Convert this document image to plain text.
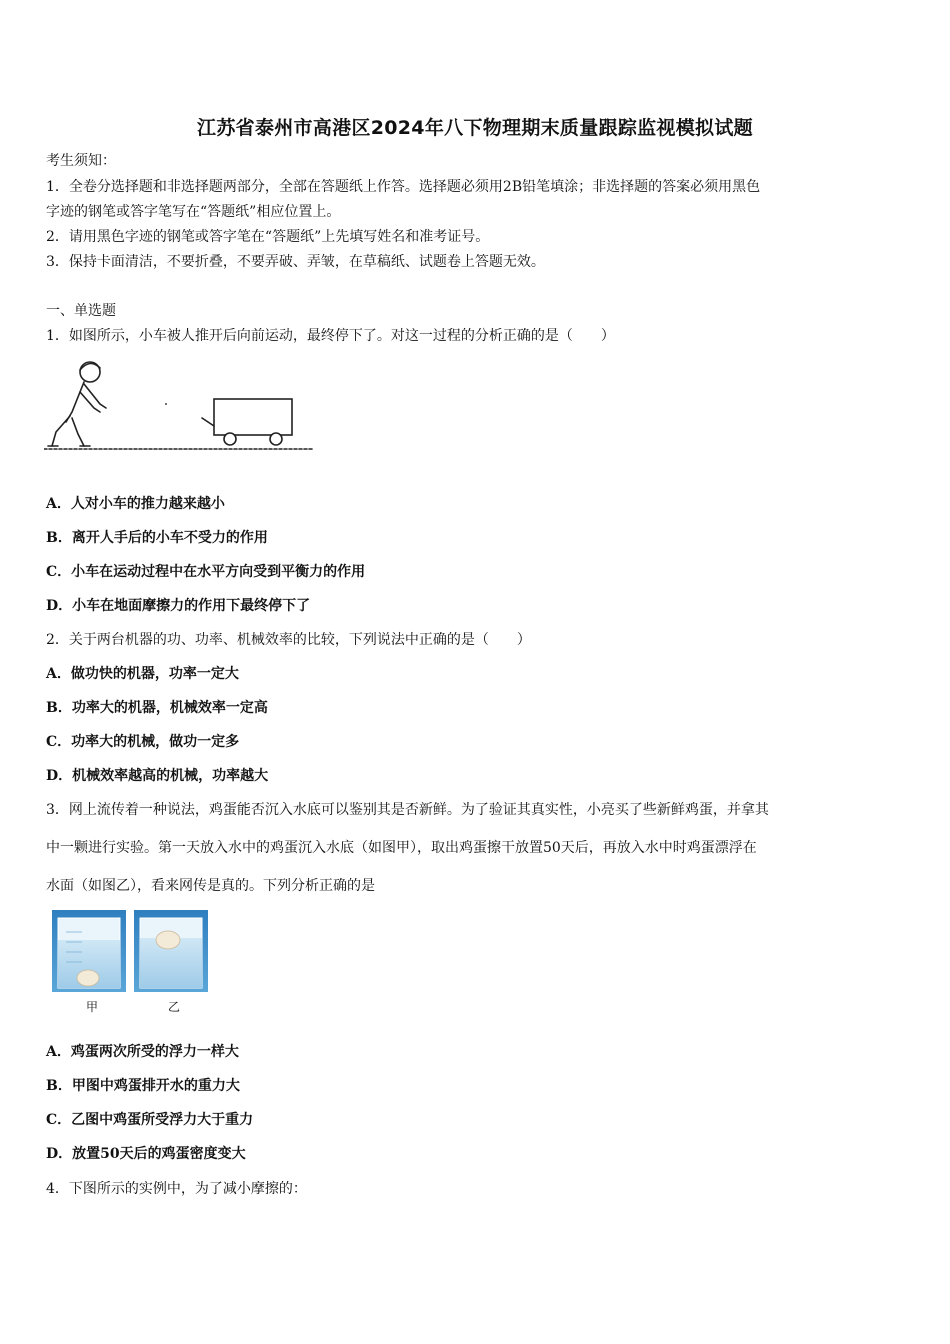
江苏省泰州市高港区2024年八下物理期末质量跟踪监视模拟试题
考生须知：
1．全卷分选择题和非选择题两部分，全部在答题纸上作答。选择题必须用2B铅笔填涂；非选择题的答案必须用黑色
字迹的钢笔或答字笔写在“答题纸”相应位置上。
2．请用黑色字迹的钢笔或答字笔在“答题纸”上先填写姓名和准考证号。
3．保持卡面清洁，不要折叠，不要弄破、弄皱，在草稿纸、试题卷上答题无效。
一、单选题
1．如图所示，小车被人推开后向前运动，最终停下了。对这一过程的分析正确的是（　　）
A．人对小车的推力越来越小
B．离开人手后的小车不受力的作用
C．小车在运动过程中在水平方向受到平衡力的作用
D．小车在地面摩擦力的作用下最终停下了
2．关于两台机器的功、功率、机械效率的比较，下列说法中正确的是（　　）
A．做功快的机器，功率一定大
B．功率大的机器，机械效率一定高
C．功率大的机械，做功一定多
D．机械效率越高的机械，功率越大
3．网上流传着一种说法，鸡蛋能否沉入水底可以鉴别其是否新鲜。为了验证其真实性，小亮买了些新鲜鸡蛋，并拿其
中一颗进行实验。第一天放入水中的鸡蛋沉入水底（如图甲），取出鸡蛋擦干放置50天后，再放入水中时鸡蛋漂浮在
水面（如图乙），看来网传是真的。下列分析正确的是
甲	乙
A．鸡蛋两次所受的浮力一样大
B．甲图中鸡蛋排开水的重力大
C．乙图中鸡蛋所受浮力大于重力
D．放置50天后的鸡蛋密度变大
4．下图所示的实例中，为了减小摩擦的：
